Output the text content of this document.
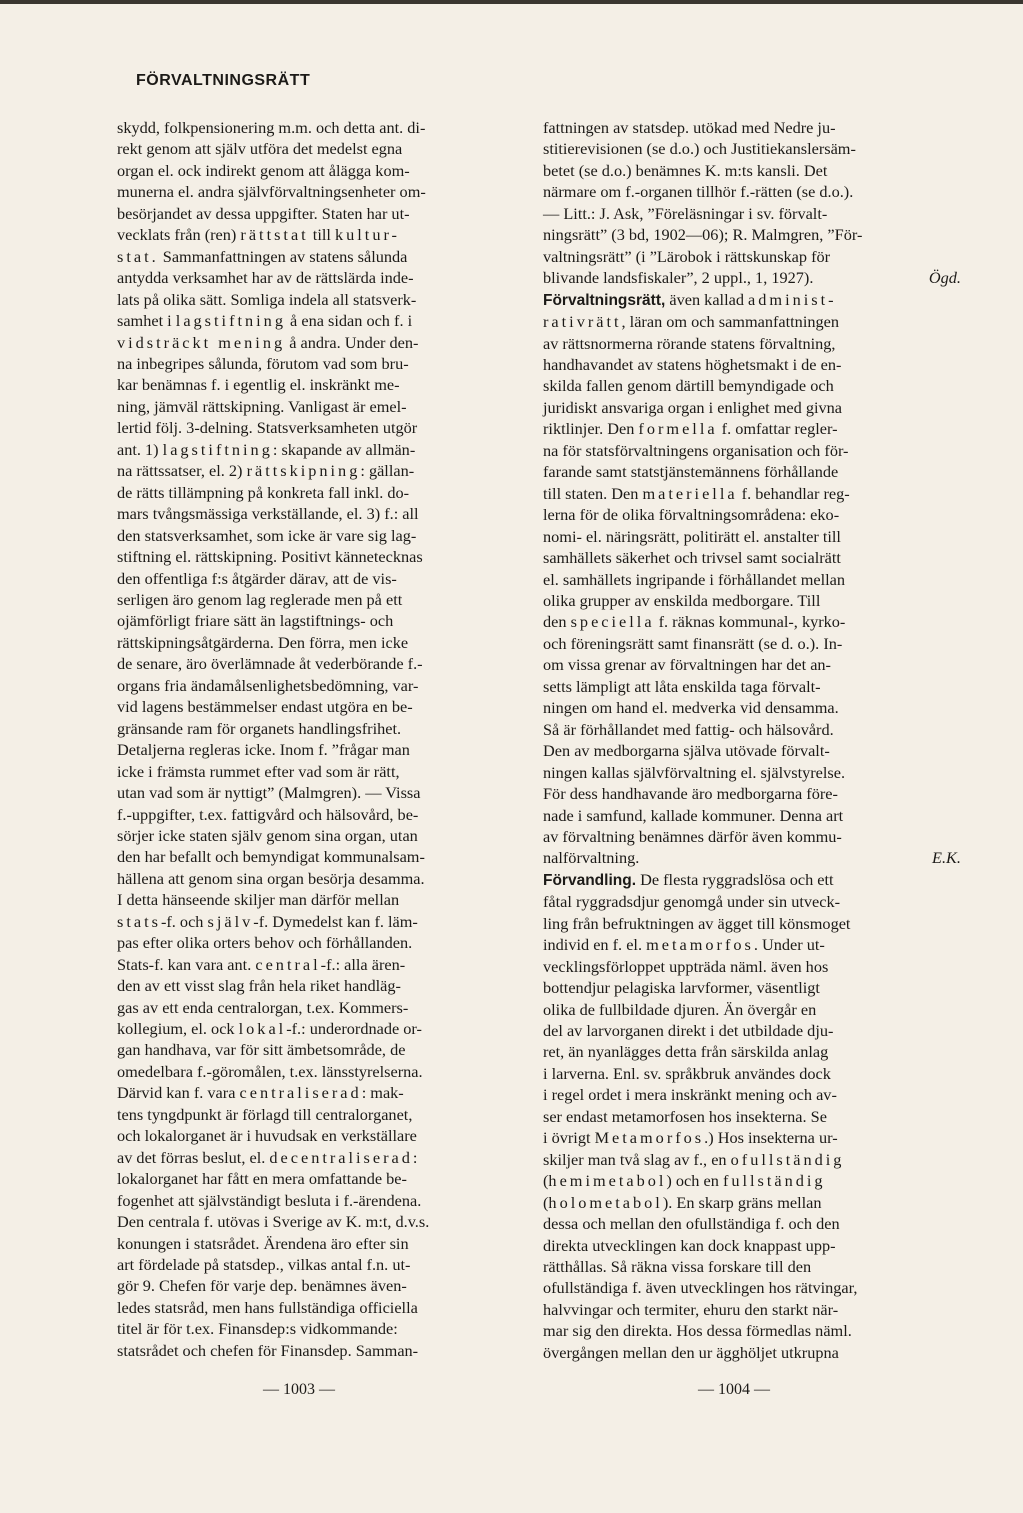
FÖRVALTNINGSRÄTT

skydd, folkpensionering m.m. och detta ant. di-

rekt genom att själv utföra det medelst egna

organ el. ock indirekt genom att ålägga kom-

munerna el. andra självförvaltningsenheter om-

besörjandet av dessa uppgifter. Staten har ut-

vecklats från (ren) rättstat till kultur-

stat. Sammanfattningen av statens sålunda

antydda verksamhet har av de rättslärda inde-

lats på olika sätt. Somliga indela all statsverk-

samhet i lagstiftning å ena sidan och f. i

vidsträckt mening å andra. Under den-

na inbegripes sålunda, förutom vad som bru-

kar benämnas f. i egentlig el. inskränkt me-

ning, jämväl rättskipning. Vanligast är emel-

lertid följ. 3-delning. Statsverksamheten utgör

ant. 1) lagstiftning: skapande av allmän-

na rättssatser, el. 2) rättskipning: gällan-

de rätts tillämpning på konkreta fall inkl. do-

mars tvångsmässiga verkställande, el. 3) f.: all

den statsverksamhet, som icke är vare sig lag-

stiftning el. rättskipning. Positivt kännetecknas

den offentliga f:s åtgärder därav, att de vis-

serligen äro genom lag reglerade men på ett

ojämförligt friare sätt än lagstiftnings- och

rättskipningsåtgärderna. Den förra, men icke

de senare, äro överlämnade åt vederbörande f.-

organs fria ändamålsenlighetsbedömning, var-

vid lagens bestämmelser endast utgöra en be-

gränsande ram för organets handlingsfrihet.

Detaljerna regleras icke. Inom f. ”frågar man

icke i främsta rummet efter vad som är rätt,

utan vad som är nyttigt” (Malmgren). — Vissa

f.-uppgifter, t.ex. fattigvård och hälsovård, be-

sörjer icke staten själv genom sina organ, utan

den har befallt och bemyndigat kommunalsam-

hällena att genom sina organ besörja desamma.

I detta hänseende skiljer man därför mellan

stats-f. och själv-f. Dymedelst kan f. läm-

pas efter olika orters behov och förhållanden.

Stats-f. kan vara ant. central-f.: alla ären-

den av ett visst slag från hela riket handläg-

gas av ett enda centralorgan, t.ex. Kommers-

kollegium, el. ock lokal-f.: underordnade or-

gan handhava, var för sitt ämbetsområde, de

omedelbara f.-göromålen, t.ex. länsstyrelserna.

Därvid kan f. vara centraliserad: mak-

tens tyngdpunkt är förlagd till centralorganet,

och lokalorganet är i huvudsak en verkställare

av det förras beslut, el. decentraliserad:

lokalorganet har fått en mera omfattande be-

fogenhet att självständigt besluta i f.-ärendena.

Den centrala f. utövas i Sverige av K. m:t, d.v.s.

konungen i statsrådet. Ärendena äro efter sin

art fördelade på statsdep., vilkas antal f.n. ut-

gör 9. Chefen för varje dep. benämnes även-

ledes statsråd, men hans fullständiga officiella

titel är för t.ex. Finansdep:s vidkommande:

statsrådet och chefen för Finansdep. Samman-

fattningen av statsdep. utökad med Nedre ju-

stitierevisionen (se d.o.) och Justitiekanslersäm-

betet (se d.o.) benämnes K. m:ts kansli. Det

närmare om f.-organen tillhör f.-rätten (se d.o.).

— Litt.: J. Ask, ”Föreläsningar i sv. förvalt-

ningsrätt” (3 bd, 1902—06); R. Malmgren, ”För-

valtningsrätt” (i ”Lärobok i rättskunskap för

blivande landsfiskaler”, 2 uppl., 1, 1927).	Ögd.

Förvaltningsrätt, även kallad administ-

rativrätt, läran om och sammanfattningen

av rättsnormerna rörande statens förvaltning,

handhavandet av statens höghetsmakt i de en-

skilda fallen genom därtill bemyndigade och

juridiskt ansvariga organ i enlighet med givna

riktlinjer. Den formella f. omfattar regler-

na för statsförvaltningens organisation och för-

farande samt statstjänstemännens förhållande

till staten. Den materiella f. behandlar reg-

lerna för de olika förvaltningsområdena: eko-

nomi- el. näringsrätt, politirätt el. anstalter till

samhällets säkerhet och trivsel samt socialrätt

el. samhällets ingripande i förhållandet mellan

olika grupper av enskilda medborgare. Till

den speciella f. räknas kommunal-, kyrko-

och föreningsrätt samt finansrätt (se d. o.). In-

om vissa grenar av förvaltningen har det an-

setts lämpligt att låta enskilda taga förvalt-

ningen om hand el. medverka vid densamma.

Så är förhållandet med fattig- och hälsovård.

Den av medborgarna själva utövade förvalt-

ningen kallas självförvaltning el. självstyrelse.

För dess handhavande äro medborgarna före-

nade i samfund, kallade kommuner. Denna art

av förvaltning benämnes därför även kommu-

nalförvaltning.	E.K.

Förvandling. De flesta ryggradslösa och ett

fåtal ryggradsdjur genomgå under sin utveck-

ling från befruktningen av ägget till könsmoget

individ en f. el. metamorfos. Under ut-

vecklingsförloppet uppträda näml. även hos

bottendjur pelagiska larvformer, väsentligt

olika de fullbildade djuren. Än övergår en

del av larvorganen direkt i det utbildade dju-

ret, än nyanlägges detta från särskilda anlag

i larverna. Enl. sv. språkbruk användes dock

i regel ordet i mera inskränkt mening och av-

ser endast metamorfosen hos insekterna. Se

i övrigt Metamorfos.) Hos insekterna ur-

skiljer man två slag av f., en ofullständig

(hemimetabol) och en fullständig

(holometabol). En skarp gräns mellan

dessa och mellan den ofullständiga f. och den

direkta utvecklingen kan dock knappast upp-

rätthållas. Så räkna vissa forskare till den

ofullständiga f. även utvecklingen hos rätvingar,

halvvingar och termiter, ehuru den starkt när-

mar sig den direkta. Hos dessa förmedlas näml.

övergången mellan den ur ägghöljet utkrupna

— 1003 —	— 1004 —
